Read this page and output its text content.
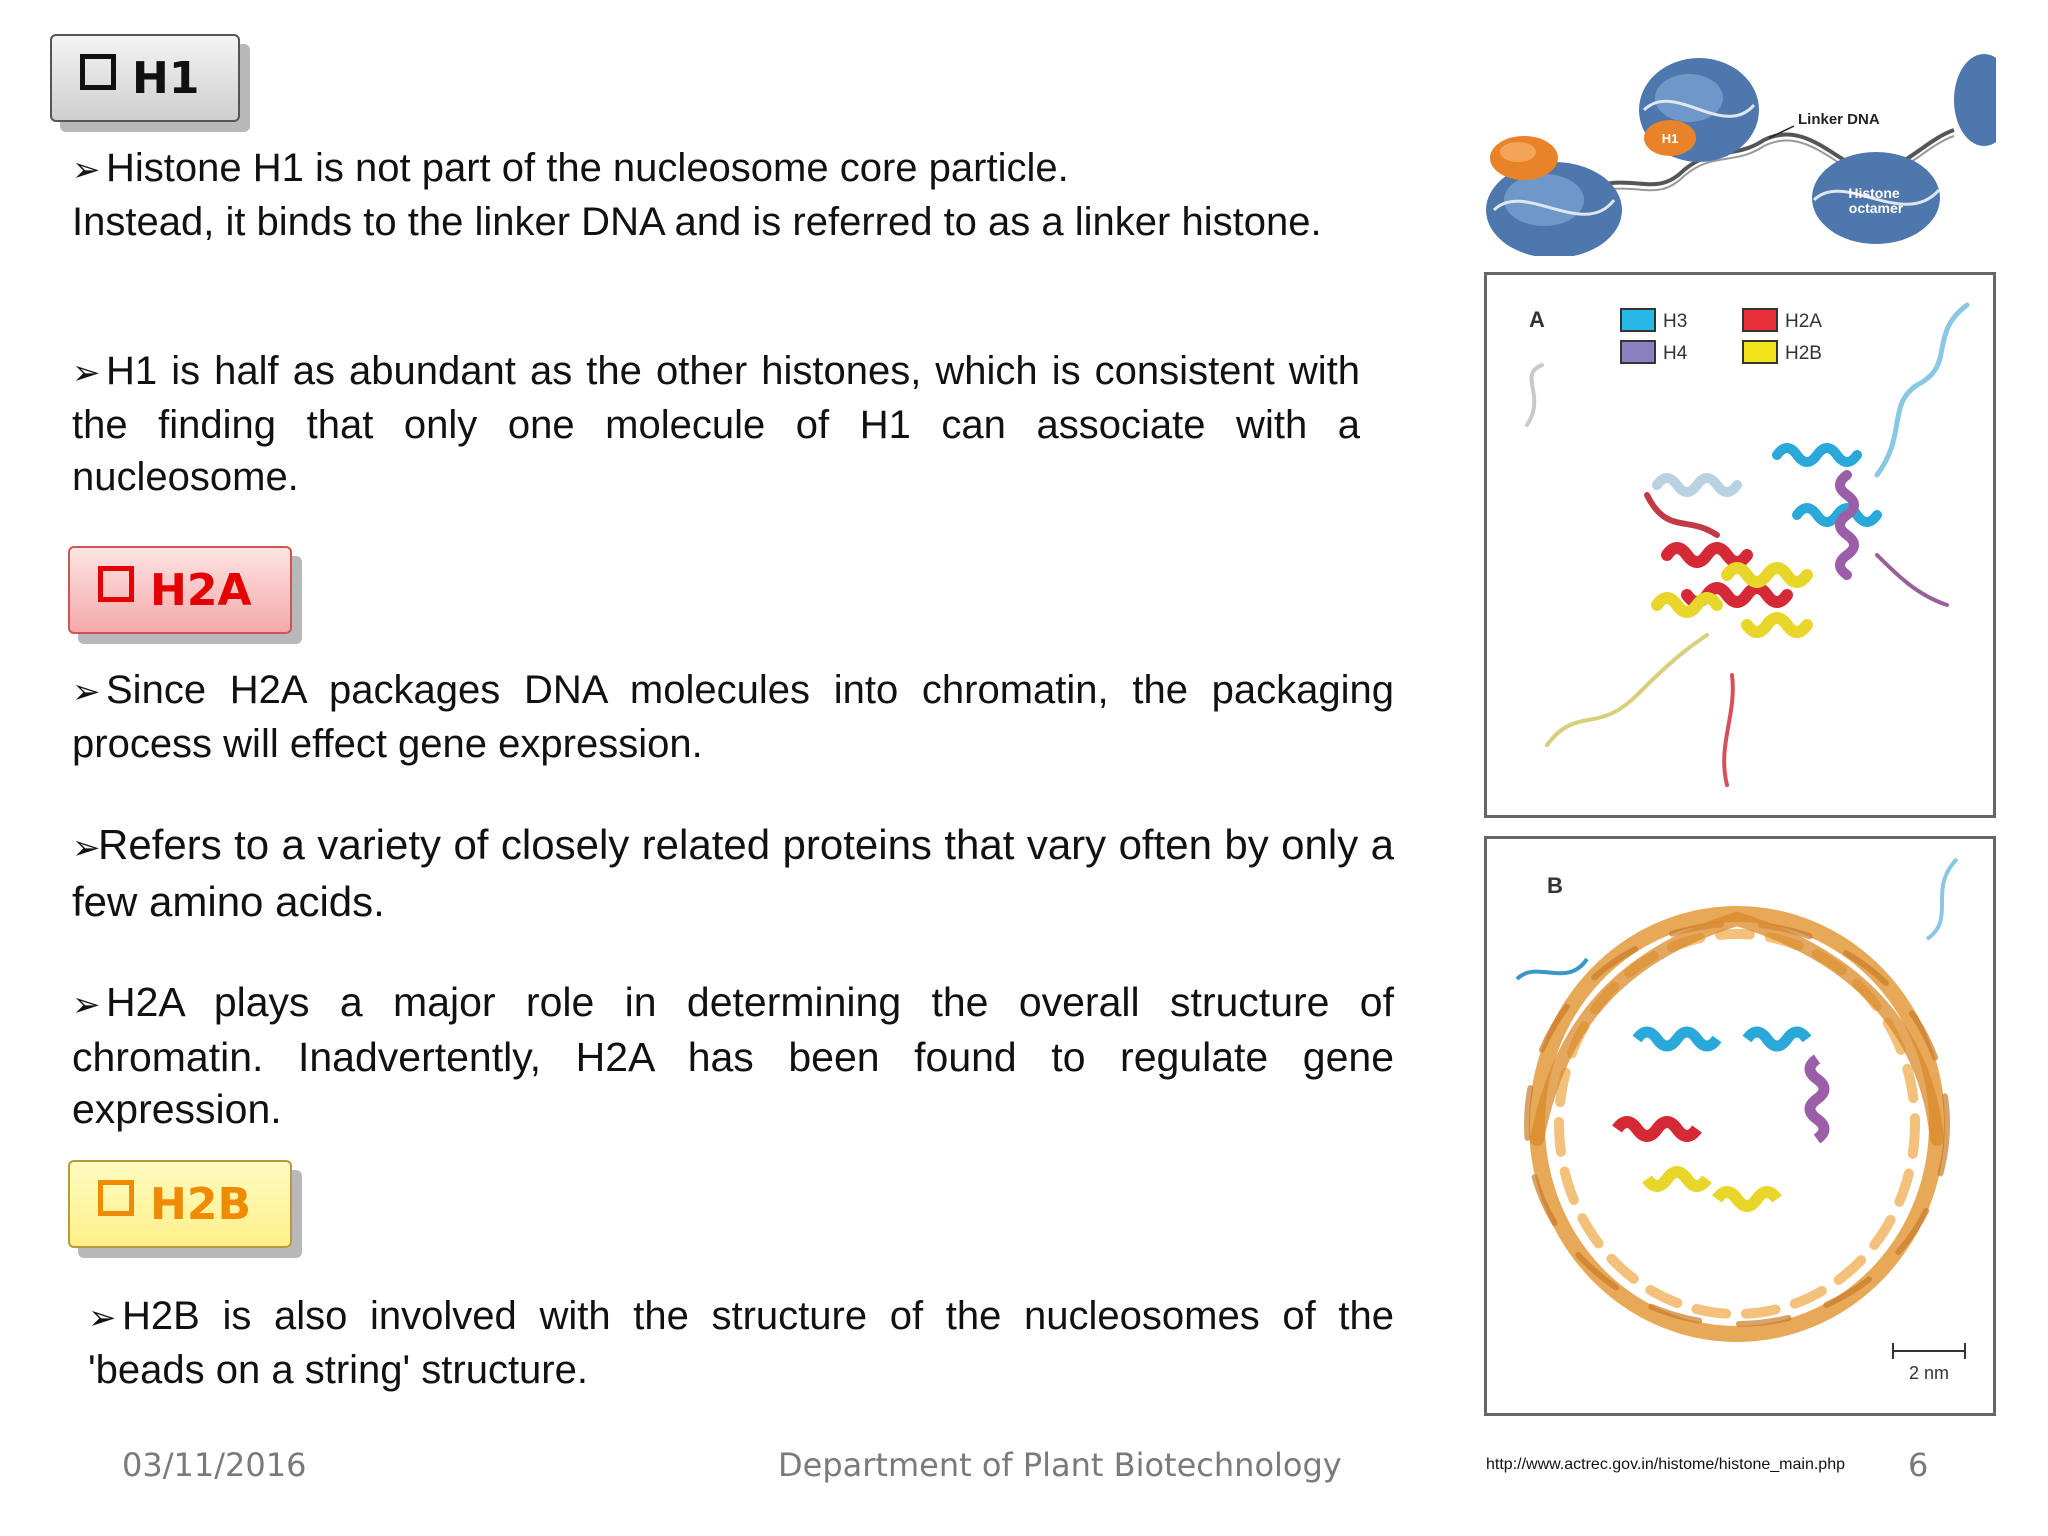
H1
➢ Histone H1 is not part of the nucleosome core particle.
Instead, it binds to the linker DNA and is referred to as a linker histone.
➢ H1 is half as abundant as the other histones, which is consistent with the finding that only one molecule of H1 can associate with a nucleosome.
H2A
➢ Since H2A packages DNA molecules into chromatin, the packaging process will effect gene expression.
➢Refers to a variety of closely related proteins that vary often by only a few amino acids.
➢ H2A plays a major role in determining the overall structure of chromatin. Inadvertently, H2A has been found to regulate gene expression.
H2B
➢ H2B is also involved with the structure of the nucleosomes of the 'beads on a string' structure.
H1
Linker DNA
Histone
octamer
A	H3	H2A
H4	H2B
B
2 nm
03/11/2016	Department of Plant Biotechnology	http://www.actrec.gov.in/histome/histone_main.php 6
